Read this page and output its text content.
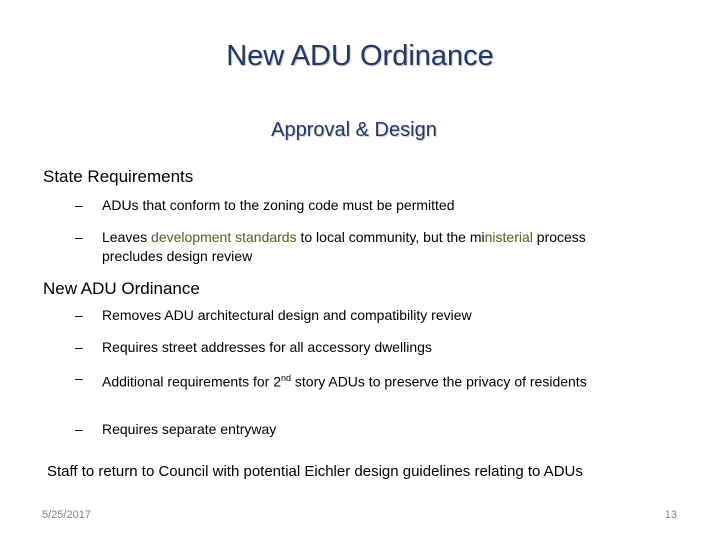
New ADU Ordinance
Approval & Design
State Requirements
– ADUs that conform to the zoning code must be permitted
– Leaves development standards to local community, but the ministerial process precludes design review
New ADU Ordinance
– Removes ADU architectural design and compatibility review
– Requires street addresses for all accessory dwellings
– Additional requirements for 2nd story ADUs to preserve the privacy of residents
– Requires separate entryway
Staff to return to Council with potential Eichler design guidelines relating to ADUs
5/25/2017	13
